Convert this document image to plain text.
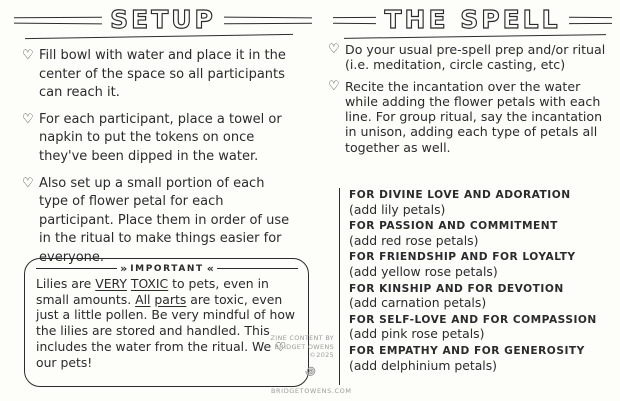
SETUP	THE SPELL
♡ Fill bowl with water and place it in the center of the space so all participants can reach it.
♡ For each participant, place a towel or napkin to put the tokens on once they've been dipped in the water.
♡ Also set up a small portion of each type of flower petal for each participant. Place them in order of use in the ritual to make things easier for everyone.
» IMPORTANT «
Lilies are VERY TOXIC to pets, even in small amounts. All parts are toxic, even just a little pollen. Be very mindful of how the lilies are stored and handled. This includes the water from the ritual. We ♡ our pets!
♡ Do your usual pre-spell prep and/or ritual (i.e. meditation, circle casting, etc)
♡ Recite the incantation over the water while adding the flower petals with each line. For group ritual, say the incantation in unison, adding each type of petals all together as well.
FOR DIVINE LOVE AND ADORATION
(add lily petals)
FOR PASSION AND COMMITMENT
(add red rose petals)
FOR FRIENDSHIP AND FOR LOYALTY
(add yellow rose petals)
FOR KINSHIP AND FOR DEVOTION
(add carnation petals)
FOR SELF-LOVE AND FOR COMPASSION
(add pink rose petals)
FOR EMPATHY AND FOR GENEROSITY
(add delphinium petals)
ZINE CONTENT BY
BRIDGET OWENS
©2025
BRIDGETOWENS.COM
